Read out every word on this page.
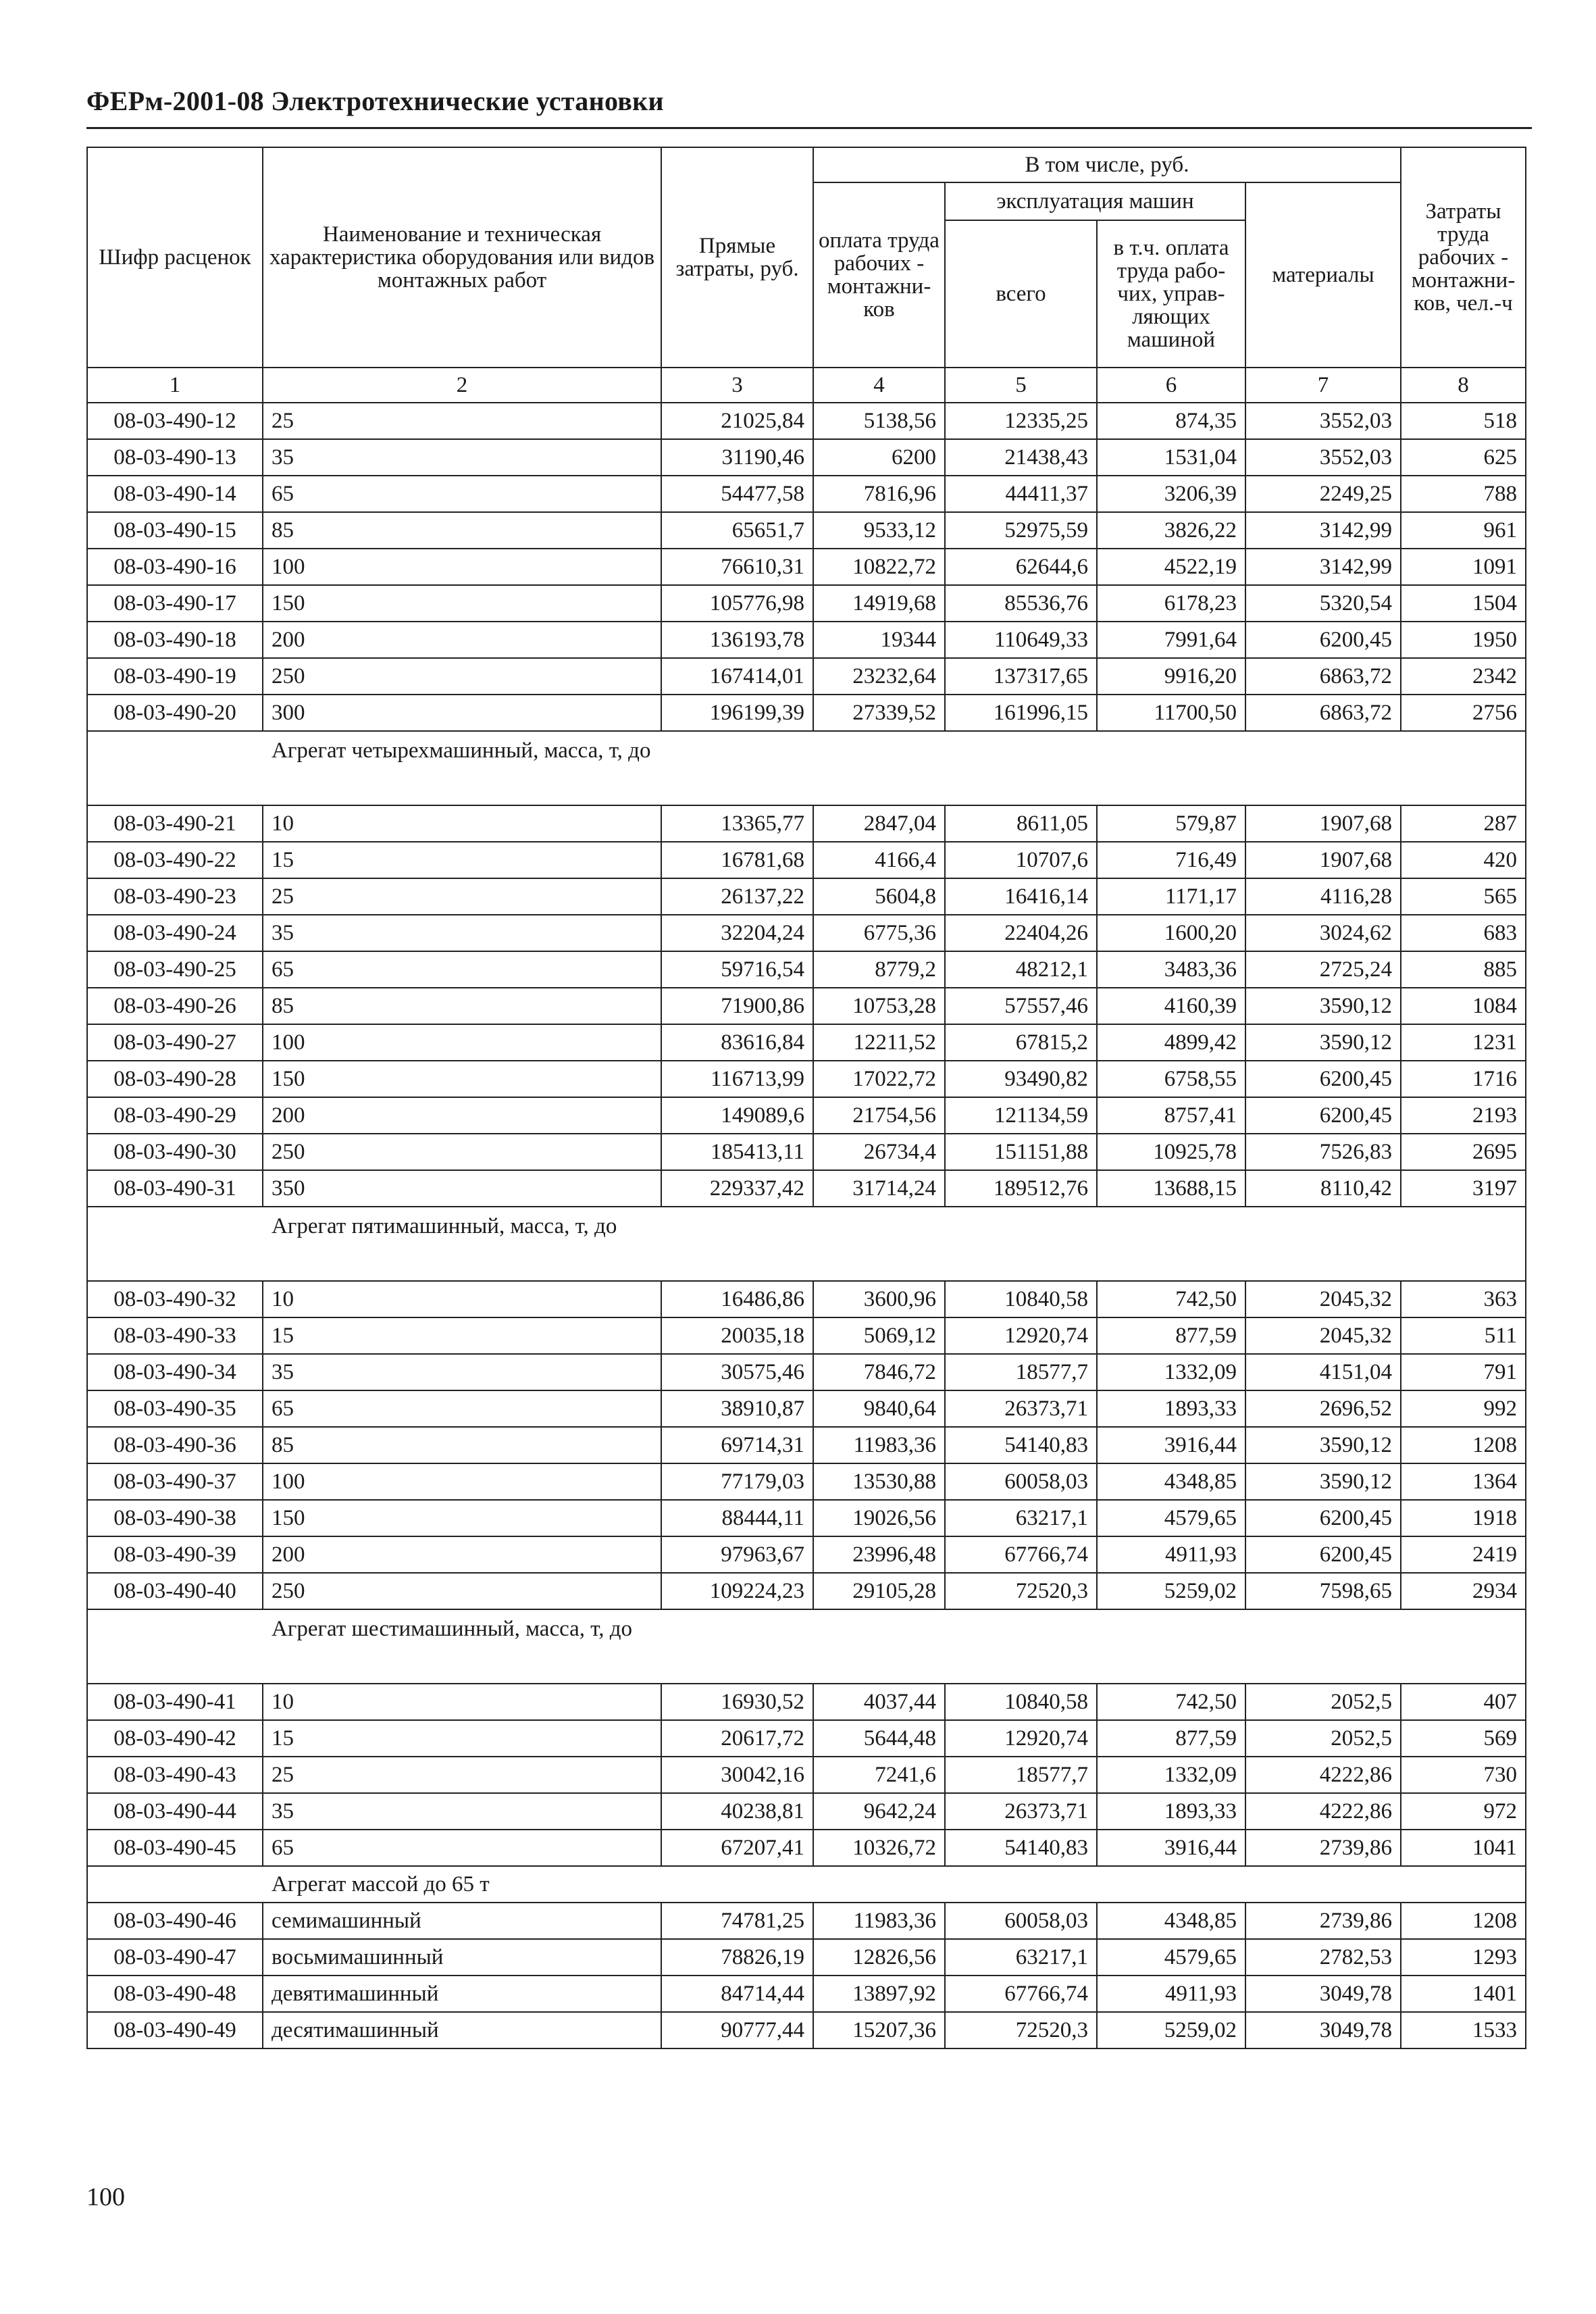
ФЕРм-2001-08 Электротехнические установки
Шифр расценок	Наименование и техническая характеристика оборудования или видов монтажных работ	Прямые затраты, руб.	В том числе, руб.				Затраты труда рабочих - монтажни-ков, чел.-ч
			оплата труда рабочих - монтажни-ков	эксплуатация машин		материалы	
				всего	в т.ч. оплата труда рабо-чих, управ-ляющих машиной		
1	2	3	4	5	6	7	8
08-03-490-12	25	21025,84	5138,56	12335,25	874,35	3552,03	518
08-03-490-13	35	31190,46	6200	21438,43	1531,04	3552,03	625
08-03-490-14	65	54477,58	7816,96	44411,37	3206,39	2249,25	788
08-03-490-15	85	65651,7	9533,12	52975,59	3826,22	3142,99	961
08-03-490-16	100	76610,31	10822,72	62644,6	4522,19	3142,99	1091
08-03-490-17	150	105776,98	14919,68	85536,76	6178,23	5320,54	1504
08-03-490-18	200	136193,78	19344	110649,33	7991,64	6200,45	1950
08-03-490-19	250	167414,01	23232,64	137317,65	9916,20	6863,72	2342
08-03-490-20	300	196199,39	27339,52	161996,15	11700,50	6863,72	2756

Агрегат четырехмашинный, масса, т, до							

08-03-490-21	10	13365,77	2847,04	8611,05	579,87	1907,68	287
08-03-490-22	15	16781,68	4166,4	10707,6	716,49	1907,68	420
08-03-490-23	25	26137,22	5604,8	16416,14	1171,17	4116,28	565
08-03-490-24	35	32204,24	6775,36	22404,26	1600,20	3024,62	683
08-03-490-25	65	59716,54	8779,2	48212,1	3483,36	2725,24	885
08-03-490-26	85	71900,86	10753,28	57557,46	4160,39	3590,12	1084
08-03-490-27	100	83616,84	12211,52	67815,2	4899,42	3590,12	1231
08-03-490-28	150	116713,99	17022,72	93490,82	6758,55	6200,45	1716
08-03-490-29	200	149089,6	21754,56	121134,59	8757,41	6200,45	2193
08-03-490-30	250	185413,11	26734,4	151151,88	10925,78	7526,83	2695
08-03-490-31	350	229337,42	31714,24	189512,76	13688,15	8110,42	3197

Агрегат пятимашинный, масса, т, до							

08-03-490-32	10	16486,86	3600,96	10840,58	742,50	2045,32	363
08-03-490-33	15	20035,18	5069,12	12920,74	877,59	2045,32	511
08-03-490-34	35	30575,46	7846,72	18577,7	1332,09	4151,04	791
08-03-490-35	65	38910,87	9840,64	26373,71	1893,33	2696,52	992
08-03-490-36	85	69714,31	11983,36	54140,83	3916,44	3590,12	1208
08-03-490-37	100	77179,03	13530,88	60058,03	4348,85	3590,12	1364
08-03-490-38	150	88444,11	19026,56	63217,1	4579,65	6200,45	1918
08-03-490-39	200	97963,67	23996,48	67766,74	4911,93	6200,45	2419
08-03-490-40	250	109224,23	29105,28	72520,3	5259,02	7598,65	2934

Агрегат шестимашинный, масса, т, до							

08-03-490-41	10	16930,52	4037,44	10840,58	742,50	2052,5	407
08-03-490-42	15	20617,72	5644,48	12920,74	877,59	2052,5	569
08-03-490-43	25	30042,16	7241,6	18577,7	1332,09	4222,86	730
08-03-490-44	35	40238,81	9642,24	26373,71	1893,33	4222,86	972
08-03-490-45	65	67207,41	10326,72	54140,83	3916,44	2739,86	1041

Агрегат массой до 65 т							

08-03-490-46	семимашинный	74781,25	11983,36	60058,03	4348,85	2739,86	1208
08-03-490-47	восьмимашинный	78826,19	12826,56	63217,1	4579,65	2782,53	1293
08-03-490-48	девятимашинный	84714,44	13897,92	67766,74	4911,93	3049,78	1401
08-03-490-49	десятимашинный	90777,44	15207,36	72520,3	5259,02	3049,78	1533
100
